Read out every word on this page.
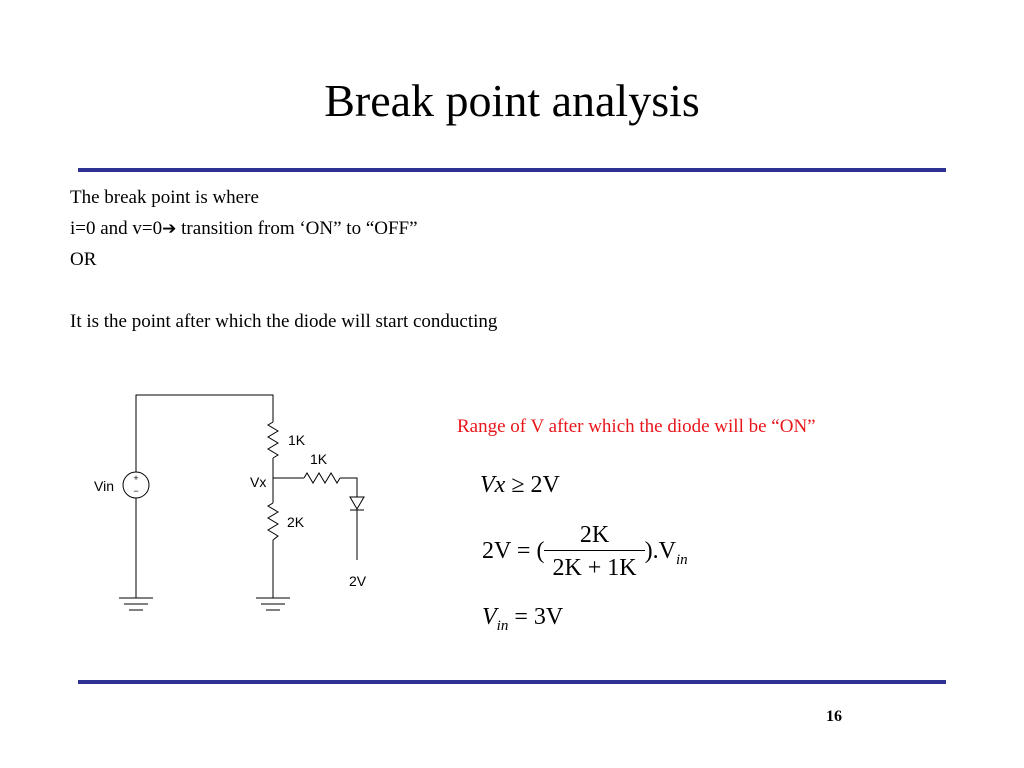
Break point analysis
The break point is where
i=0 and v=0➔ transition from ‘ON” to “OFF”
OR
It is the point after which the diode will start conducting
+
−
Vin
1K
1K
Vx
2K
2V
Range of V after which the diode will be “ON”
Vx ≥ 2V
2V = ( $\frac{2K}{2K + 1K} ).V_{in}$
$V_{in} = 3V$
16
